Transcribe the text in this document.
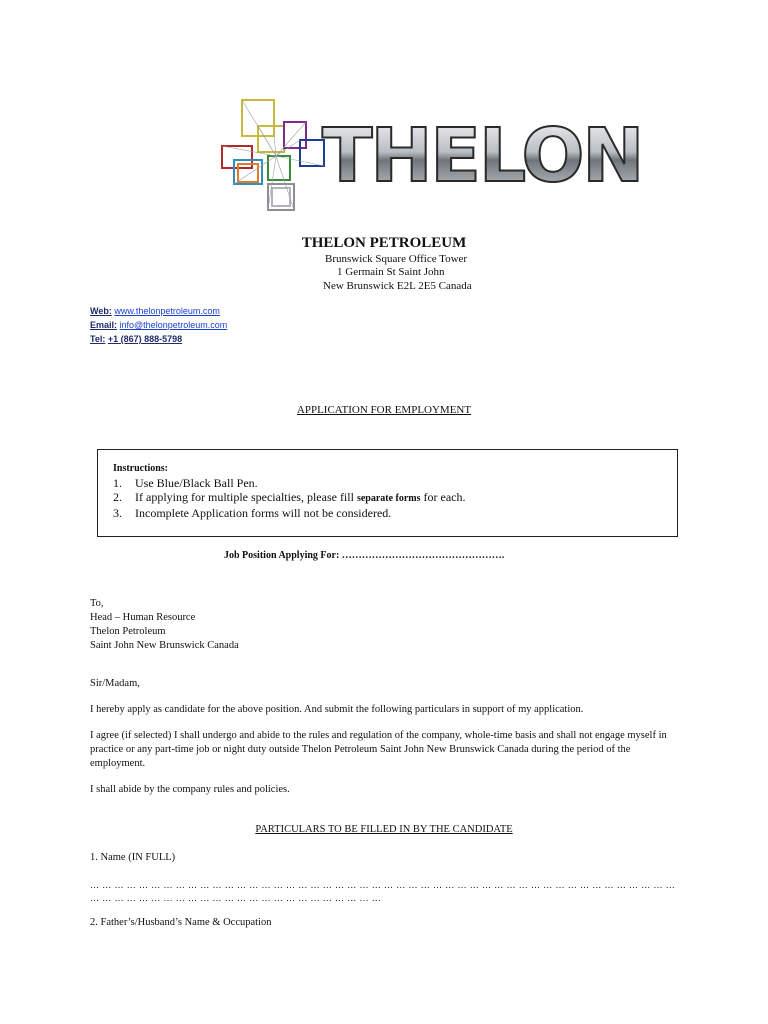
THELON
THELON PETROLEUM
Brunswick Square Office Tower
1 Germain St Saint John
New Brunswick E2L 2E5 Canada
Web: www.thelonpetroleum.com
Email: info@thelonpetroleum.com
Tel: +1 (867) 888-5798
APPLICATION FOR EMPLOYMENT
Instructions:
1. Use Blue/Black Ball Pen.
2. If applying for multiple specialties, please fill separate forms for each.
3. Incomplete Application forms will not be considered.
Job Position Applying For: ………………………………………….
To,
Head – Human Resource
Thelon Petroleum
Saint John New Brunswick Canada
Sir/Madam,
I hereby apply as candidate for the above position. And submit the following particulars in support of my application.
I agree (if selected) I shall undergo and abide to the rules and regulation of the company, whole-time basis and shall not engage myself in practice or any part-time job or night duty outside Thelon Petroleum Saint John New Brunswick Canada during the period of the employment.
I shall abide by the company rules and policies.
PARTICULARS TO BE FILLED IN BY THE CANDIDATE
1. Name (IN FULL)
… … … … … … … … … … … … … … … … … … … … … … … … … … … … … … … … … … … … … … … … … … … … … … … … … … … … … … … … … … … … … … … … … … … … … … … …
2. Father’s/Husband’s Name & Occupation
